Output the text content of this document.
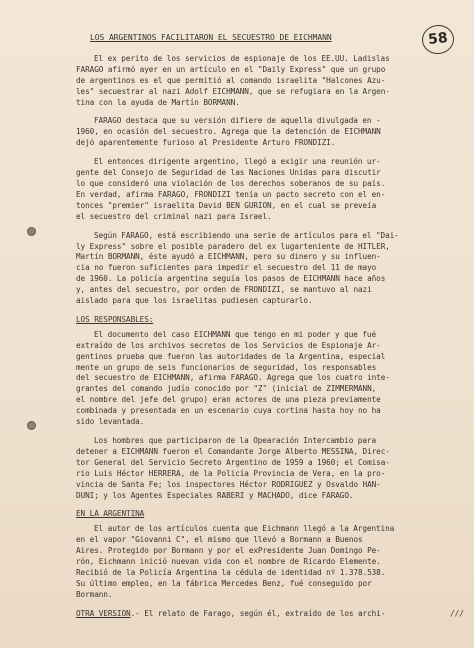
58
LOS ARGENTINOS FACILITARON EL SECUESTRO DE EICHMANN
El ex perito de los servicios de espionaje de los EE.UU. Ladislas
FARAGO afirmó ayer en un artículo en el "Daily Express" que un grupo
de argentinos es el que permitió al comando israelita "Halcones Azu-
les" secuestrar al nazi Adolf EICHMANN, que se refugiara en la Argen-
tina con la ayuda de Martín BORMANN.
FARAGO destaca que su versión difiere de aquella divulgada en -
1960, en ocasión del secuestro. Agrega que la detención de EICHMANN
dejó aparentemente furioso al Presidente Arturo FRONDIZI.
El entonces dirigente argentino, llegó a exigir una reunión ur-
gente del Consejo de Seguridad de las Naciones Unidas para discutir
lo que consideró una violación de los derechos soberanos de su país.
En verdad, afirma FARAGO, FRONDIZI tenía un pacto secreto con el en-
tonces "premier" israelita David BEN GURION, en el cual se preveía
el secuestro del criminal nazi para Israel.
Según FARAGO, está escribiendo una serie de artículos para el "Dai-
ly Express" sobre el posible paradero del ex lugarteniente de HITLER,
Martín BORMANN, éste ayudó a EICHMANN, pero su dinero y su influen-
cia no fueron suficientes para impedir el secuestro del 11 de mayo
de 1960. La policía argentina seguía los pasos de EICHMANN hace años
y, antes del secuestro, por orden de FRONDIZI, se mantuvo al nazi
aislado para que los israelitas pudiesen capturarlo.
LOS RESPONSABLES:
El documento del caso EICHMANN que tengo en mi poder y que fué
extraído de los archivos secretos de los Servicios de Espionaje Ar-
gentinos prueba que fueron las autoridades de la Argentina, especial
mente un grupo de seis funcionarios de seguridad, los responsables
del secuestro de EICHMANN, afirma FARAGO. Agrega que los cuatro inte-
grantes del comando judío conocido por "Z" (inicial de ZIMMERMANN,
el nombre del jefe del grupo) eran actores de una pieza previamente
combinada y presentada en un escenario cuya cortina hasta hoy no ha
sido levantada.
Los hombres que participaron de la Opearación Intercambio para
detener a EICHMANN fueron el Comandante Jorge Alberto MESSINA, Direc-
tor General del Servicio Secreto Argentino de 1959 a 1960; el Comisa-
rio Luis Héctor HERRERA, de la Policía Provincia de Vera, en la pro-
vincia de Santa Fe; los inspectores Héctor RODRIGUEZ y Osvaldo HAN-
DUNI; y los Agentes Especiales RABERI y MACHADO, dice FARAGO.
EN LA ARGENTINA
El autor de los artículos cuenta que Eichmann llegó a la Argentina
en el vapor "Giovanni C", el mismo que llevó a Bormann a Buenos
Aires. Protegido por Bormann y por el exPresidente Juan Domingo Pe-
rón, Eichmann inició nuevan vida con el nombre de Ricardo Elemente.
Recibió de la Policía Argentina la cédula de identidad nº 1.378.538.
Su último empleo, en la fábrica Mercedes Benz, fué conseguido por
Bormann.
OTRA VERSION.- El relato de Farago, según él, extraído de los archi-	///
